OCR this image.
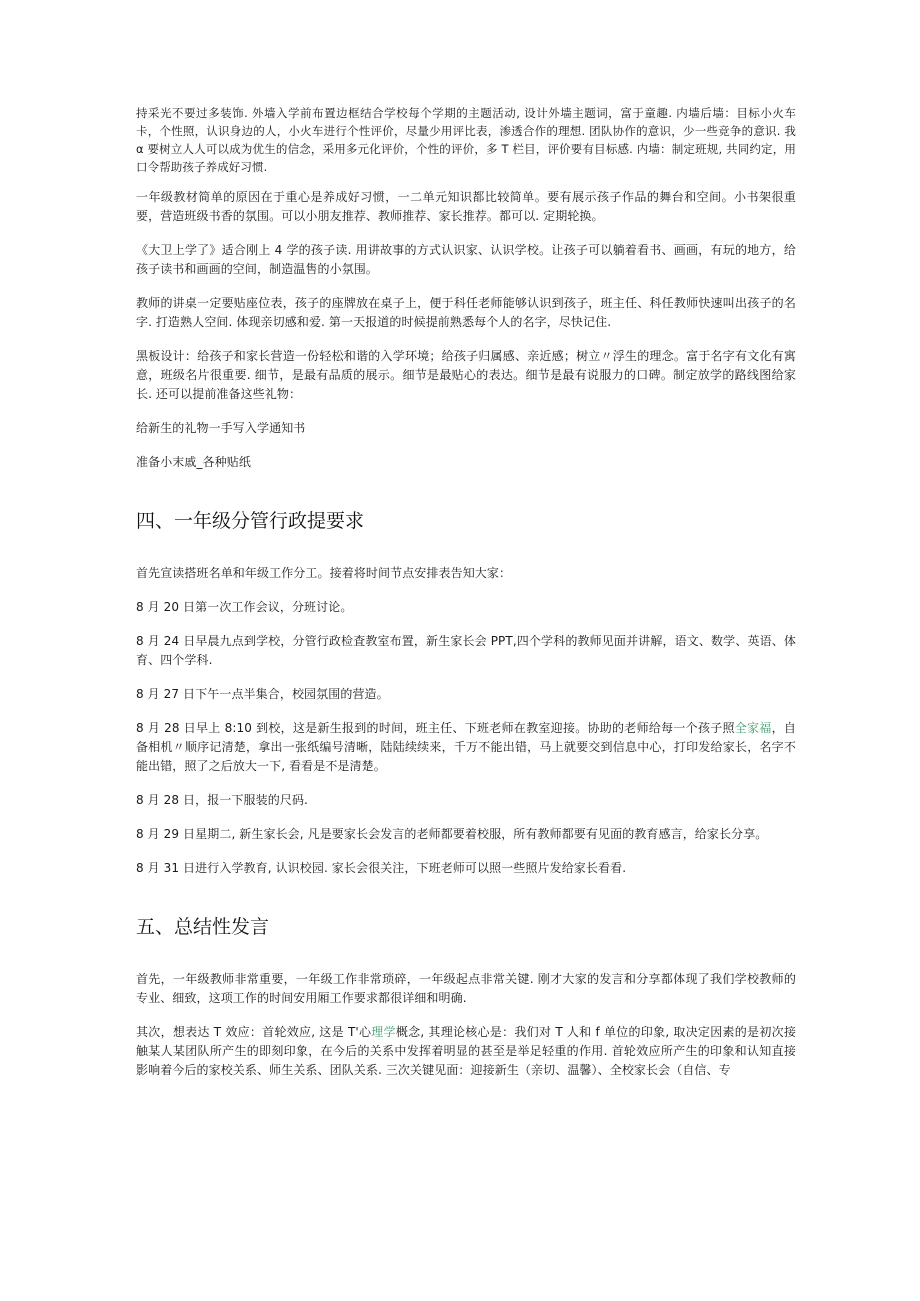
持采光不要过多装饰. 外墙入学前布置边框结合学校每个学期的主题活动, 设计外墙主题词，富于童趣. 内墙后墙：目标小火车卡，个性照，认识身边的人，小火车进行个性评价，尽量少用评比表，渗透合作的理想. 团队协作的意识，少一些竞争的意识. 我 α 要树立人人可以成为优生的信念，采用多元化评价，个性的评价，多 T 栏目，评价要有目标感. 内墙：制定班规, 共同约定，用口令帮助孩子养成好习惯.

一年级教材简单的原因在于重心是养成好习惯，一二单元知识都比较简单。要有展示孩子作品的舞台和空间。小书架很重要，营造班级书香的氛围。可以小朋友推荐、教师推荐、家长推荐。都可以. 定期轮换。

《大卫上学了》适合刚上 4 学的孩子读. 用讲故事的方式认识家、认识学校。让孩子可以躺着看书、画画，有玩的地方，给孩子读书和画画的空间，制造温售的小氛围。

教师的讲桌一定要贴座位表，孩子的座牌放在桌子上，便于科任老师能够认识到孩子，班主任、科任教师快速叫出孩子的名字. 打造熟人空间. 体现亲切感和爱. 第一天报道的时候提前熟悉每个人的名字，尽快记住.

黑板设计：给孩子和家长营造一份轻松和谐的入学环境；给孩子归属感、亲近感；树立〃浮生的理念。富于名字有文化有寓意，班级名片很重要. 细节，是最有品质的展示。细节是最贴心的表达。细节是最有说服力的口碑。制定放学的路线图给家长. 还可以提前准备这些礼物：

给新生的礼物一手写入学通知书

准备小末戚_各种贴纸

四、一年级分管行政提要求

首先宣读搭班名单和年级工作分工。接着将时间节点安排表告知大家：

8 月 20 日第一次工作会议，分班讨论。

8 月 24 日早晨九点到学校，分管行政检査教室布置，新生家长会 PPT,四个学科的教师见面并讲解，语文、数学、英语、体育、四个学科.

8 月 27 日下午一点半集合，校园氛围的营造。

8 月 28 日早上 8:10 到校，这是新生报到的时间，班主任、下班老师在教室迎接。协助的老师给每一个孩子照全家福，自备相机〃顺序记清楚，拿出一张纸编号清晰，陆陆续续来，千万不能出错，马上就要交到信息中心，打印发给家长，名字不能出错，照了之后放大一下, 看看是不是清楚。

8 月 28 日，报一下服装的尺码.

8 月 29 日星期二, 新生家长会, 凡是要家长会发言的老师都要着校服，所有教师都要有见面的教育感言，给家长分享。

8 月 31 日进行入学教育, 认识校园. 家长会很关注，下班老师可以照一些照片发给家长看看.

五、总结性发言

首先，一年级教师非常重要，一年级工作非常琐碎，一年级起点非常关键. 刚才大家的发言和分享都体现了我们学校教师的专业、细致，这项工作的时间安用厢工作要求都很详细和明确.

其次，想表达 T 效应：首轮效应, 这是 T'心理学概念, 其理论核心是：我们对 T 人和 f 单位的印象, 取决定因素的是初次接触某人某团队所产生的即刻印象，在今后的关系中发挥着明显的甚至是举足轻重的作用. 首轮效应所产生的印象和认知直接影响着今后的家校关系、师生关系、团队关系. 三次关键见面：迎接新生（亲切、温馨）、全校家长会（自信、专
